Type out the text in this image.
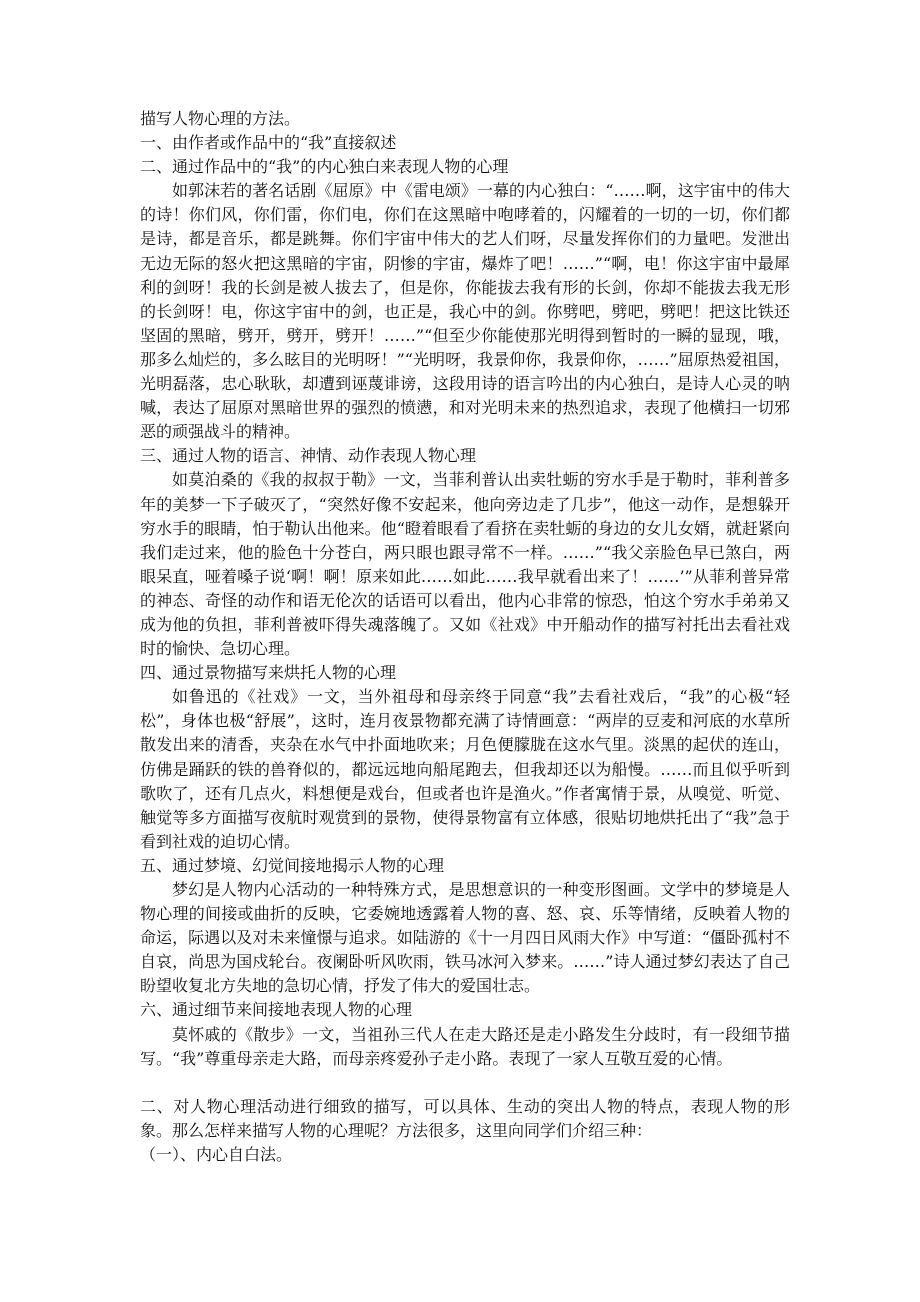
描写人物心理的方法。
一、由作者或作品中的“我”直接叙述
二、通过作品中的“我”的内心独白来表现人物的心理

如郭沫若的著名话剧《屈原》中《雷电颂》一幕的内心独白：“……啊，这宇宙中的伟大的诗！你们风，你们雷，你们电，你们在这黑暗中咆哮着的，闪耀着的一切的一切，你们都是诗，都是音乐，都是跳舞。你们宇宙中伟大的艺人们呀，尽量发挥你们的力量吧。发泄出无边无际的怒火把这黑暗的宇宙，阴惨的宇宙，爆炸了吧！……”“啊，电！你这宇宙中最犀利的剑呀！我的长剑是被人拔去了，但是你，你能拔去我有形的长剑，你却不能拔去我无形的长剑呀！电，你这宇宙中的剑，也正是，我心中的剑。你劈吧，劈吧，劈吧！把这比铁还坚固的黑暗，劈开，劈开，劈开！……”“但至少你能使那光明得到暂时的一瞬的显现，哦，那多么灿烂的，多么眩目的光明呀！”“光明呀，我景仰你，我景仰你，……”屈原热爱祖国，光明磊落，忠心耿耿，却遭到诬蔑诽谤，这段用诗的语言吟出的内心独白，是诗人心灵的呐喊，表达了屈原对黑暗世界的强烈的愤懑，和对光明未来的热烈追求，表现了他横扫一切邪恶的顽强战斗的精神。

三、通过人物的语言、神情、动作表现人物心理

如莫泊桑的《我的叔叔于勒》一文，当菲利普认出卖牡蛎的穷水手是于勒时，菲利普多年的美梦一下子破灭了，“突然好像不安起来，他向旁边走了几步”，他这一动作，是想躲开穷水手的眼睛，怕于勒认出他来。他“瞪着眼看了看挤在卖牡蛎的身边的女儿女婿，就赶紧向我们走过来，他的脸色十分苍白，两只眼也跟寻常不一样。……”“我父亲脸色早已煞白，两眼呆直，哑着嗓子说‘啊！啊！原来如此……如此……我早就看出来了！……’”从菲利普异常的神态、奇怪的动作和语无伦次的话语可以看出，他内心非常的惊恐，怕这个穷水手弟弟又成为他的负担，菲利普被吓得失魂落魄了。又如《社戏》中开船动作的描写衬托出去看社戏时的愉快、急切心理。

四、通过景物描写来烘托人物的心理

如鲁迅的《社戏》一文，当外祖母和母亲终于同意“我”去看社戏后，“我”的心极“轻松”，身体也极“舒展”，这时，连月夜景物都充满了诗情画意：“两岸的豆麦和河底的水草所散发出来的清香，夹杂在水气中扑面地吹来；月色便朦胧在这水气里。淡黑的起伏的连山，仿佛是踊跃的铁的兽脊似的，都远远地向船尾跑去，但我却还以为船慢。……而且似乎听到歌吹了，还有几点火，料想便是戏台，但或者也许是渔火。”作者寓情于景，从嗅觉、听觉、触觉等多方面描写夜航时观赏到的景物，使得景物富有立体感，很贴切地烘托出了“我”急于看到社戏的迫切心情。

五、通过梦境、幻觉间接地揭示人物的心理

梦幻是人物内心活动的一种特殊方式，是思想意识的一种变形图画。文学中的梦境是人物心理的间接或曲折的反映，它委婉地透露着人物的喜、怒、哀、乐等情绪，反映着人物的命运，际遇以及对未来憧憬与追求。如陆游的《十一月四日风雨大作》中写道：“僵卧孤村不自哀，尚思为国戍轮台。夜阑卧听风吹雨，铁马冰河入梦来。……”诗人通过梦幻表达了自己盼望收复北方失地的急切心情，抒发了伟大的爱国壮志。

六、通过细节来间接地表现人物的心理

莫怀戚的《散步》一文，当祖孙三代人在走大路还是走小路发生分歧时，有一段细节描写。“我”尊重母亲走大路，而母亲疼爱孙子走小路。表现了一家人互敬互爱的心情。

二、对人物心理活动进行细致的描写，可以具体、生动的突出人物的特点，表现人物的形象。那么怎样来描写人物的心理呢？方法很多，这里向同学们介绍三种：

（一）、内心自白法。
